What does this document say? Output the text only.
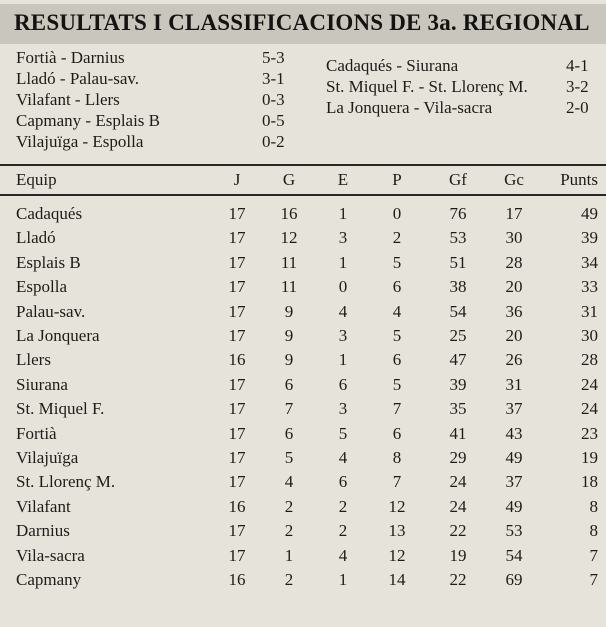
RESULTATS I CLASSIFICACIONS DE 3a. REGIONAL
Fortià - Darnius	5-3
Lladó - Palau-sav.	3-1
Vilafant - Llers	0-3
Capmany - Esplais B	0-5
Vilajuïga - Espolla	0-2
Cadaqués - Siurana	4-1
St. Miquel F. - St. Llorenç M. 3-2
La Jonquera - Vila-sacra	2-0
Equip	J	G	E	P	Gf	Gc	Punts
Cadaqués	17	16	1	0	76	17	49
Lladó	17	12	3	2	53	30	39
Esplais B	17	11	1	5	51	28	34
Espolla	17	11	0	6	38	20	33
Palau-sav.	17	9	4	4	54	36	31
La Jonquera	17	9	3	5	25	20	30
Llers	16	9	1	6	47	26	28
Siurana	17	6	6	5	39	31	24
St. Miquel F.	17	7	3	7	35	37	24
Fortià	17	6	5	6	41	43	23
Vilajuïga	17	5	4	8	29	49	19
St. Llorenç M.	17	4	6	7	24	37	18
Vilafant	16	2	2	12	24	49	8
Darnius	17	2	2	13	22	53	8
Vila-sacra	17	1	4	12	19	54	7
Capmany	16	2	1	14	22	69	7
